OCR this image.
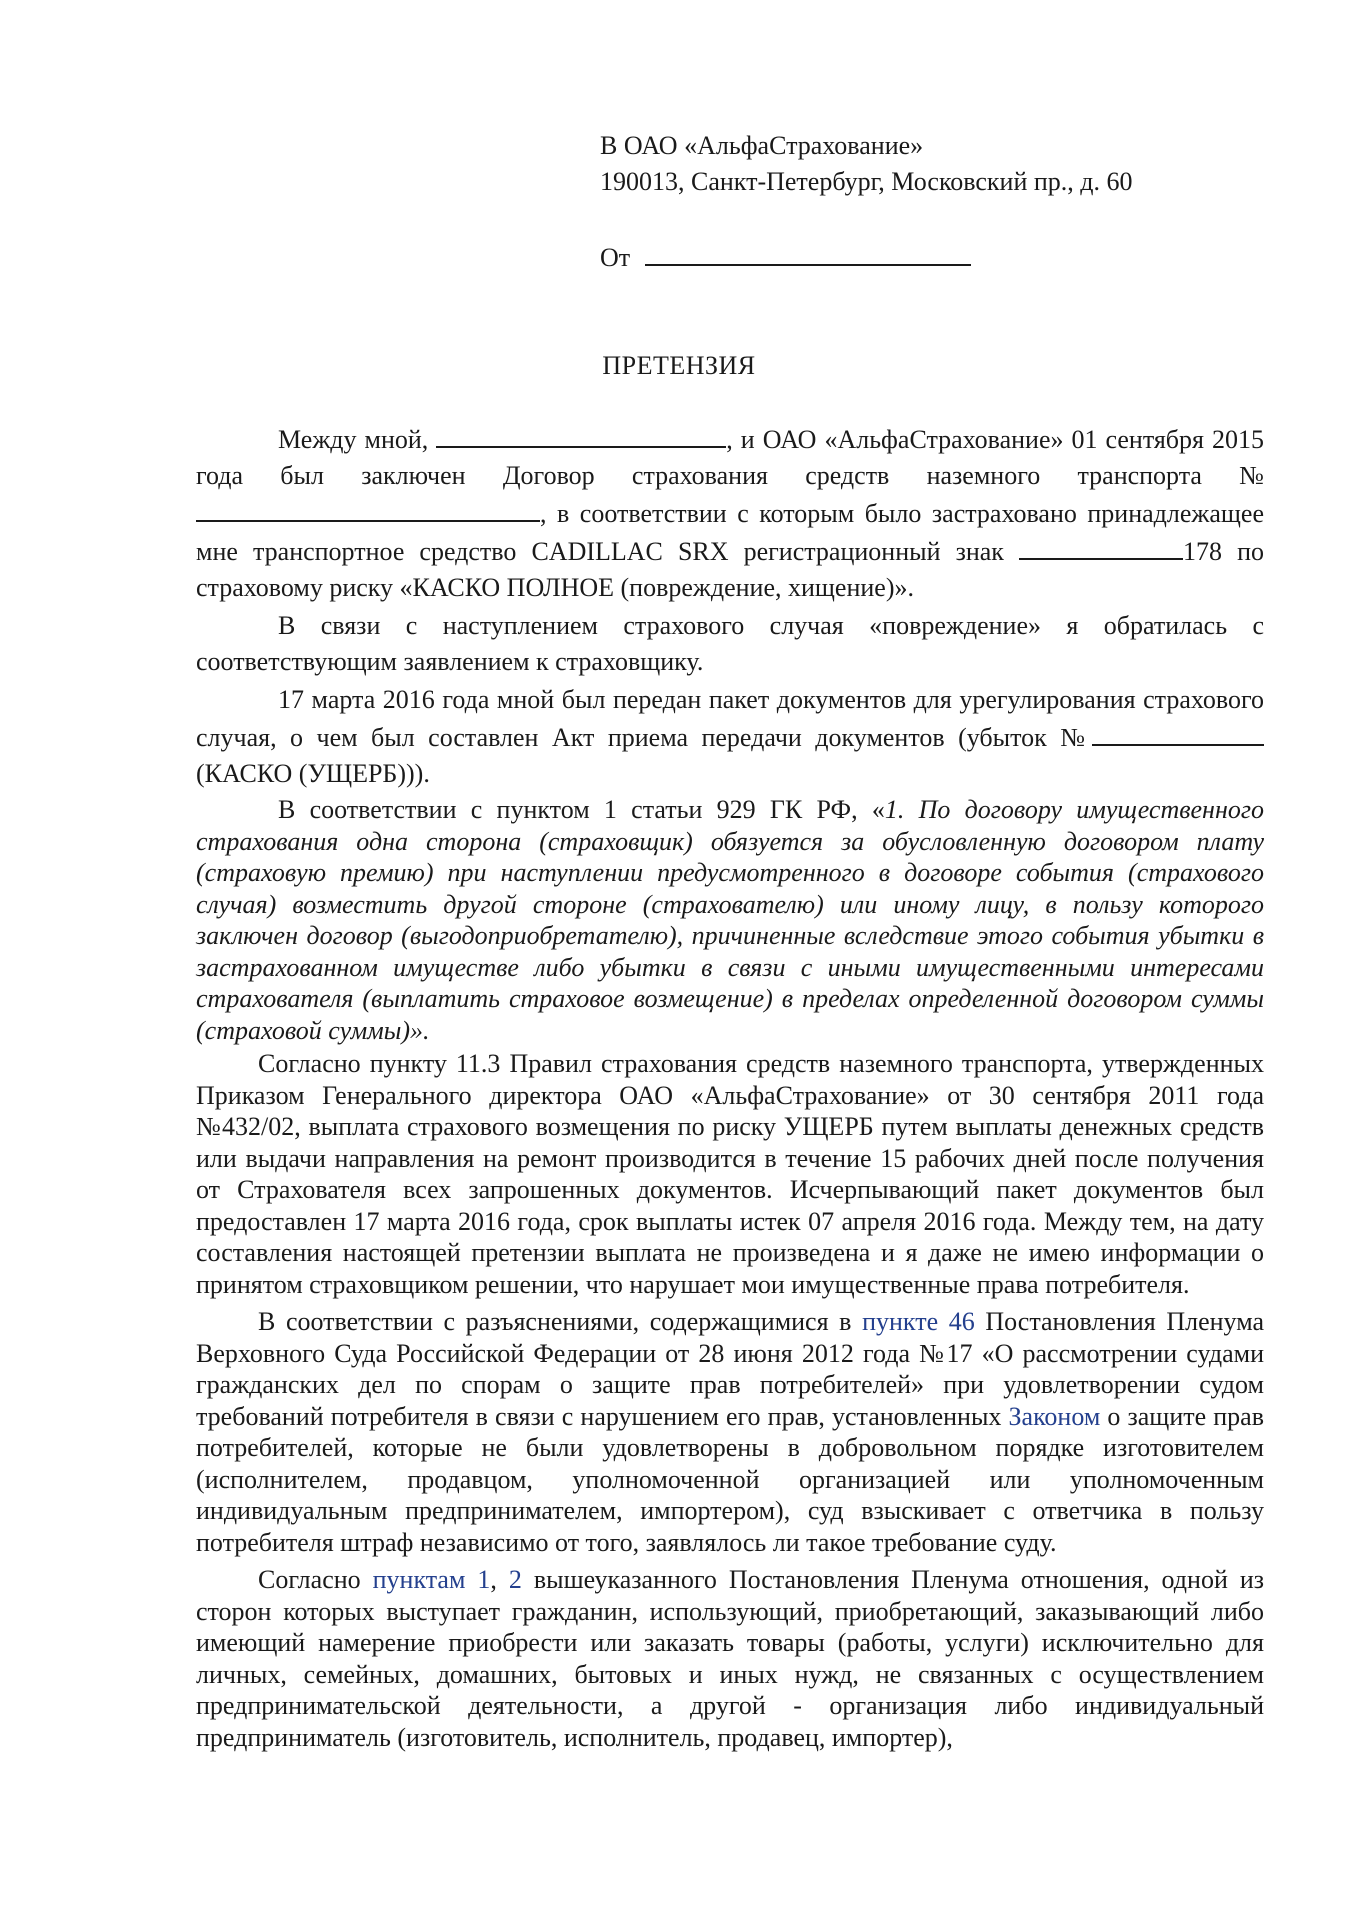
В ОАО «АльфаСтрахование»
190013, Санкт-Петербург, Московский пр., д. 60
От
ПРЕТЕНЗИЯ

Между мной,	, и ОАО «АльфаСтрахование» 01 сентября 2015 года был заключен Договор страхования средств наземного транспорта №, в соответствии с которым было застраховано принадлежащее мне транспортное средство CADILLAC SRX регистрационный знак	178 по страховому риску «КАСКО ПОЛНОЕ (повреждение, хищение)».

В связи с наступлением страхового случая «повреждение» я обратилась с соответствующим заявлением к страховщику.

17 марта 2016 года мной был передан пакет документов для урегулирования страхового случая, о чем был составлен Акт приема передачи документов (убыток № (КАСКО (УЩЕРБ))).

В соответствии с пунктом 1 статьи 929 ГК РФ, «1. По договору имущественного страхования одна сторона (страховщик) обязуется за обусловленную договором плату (страховую премию) при наступлении предусмотренного в договоре события (страхового случая) возместить другой стороне (страхователю) или иному лицу, в пользу которого заключен договор (выгодоприобретателю), причиненные вследствие этого события убытки в застрахованном имуществе либо убытки в связи с иными имущественными интересами страхователя (выплатить страховое возмещение) в пределах определенной договором суммы (страховой суммы)».

Согласно пункту 11.3 Правил страхования средств наземного транспорта, утвержденных Приказом Генерального директора ОАО «АльфаСтрахование» от 30 сентября 2011 года №432/02, выплата страхового возмещения по риску УЩЕРБ путем выплаты денежных средств или выдачи направления на ремонт производится в течение 15 рабочих дней после получения от Страхователя всех запрошенных документов. Исчерпывающий пакет документов был предоставлен 17 марта 2016 года, срок выплаты истек 07 апреля 2016 года. Между тем, на дату составления настоящей претензии выплата не произведена и я даже не имею информации о принятом страховщиком решении, что нарушает мои имущественные права потребителя.

В соответствии с разъяснениями, содержащимися в пункте 46 Постановления Пленума Верховного Суда Российской Федерации от 28 июня 2012 года №17 «О рассмотрении судами гражданских дел по спорам о защите прав потребителей» при удовлетворении судом требований потребителя в связи с нарушением его прав, установленных Законом о защите прав потребителей, которые не были удовлетворены в добровольном порядке изготовителем (исполнителем, продавцом, уполномоченной организацией или уполномоченным индивидуальным предпринимателем, импортером), суд взыскивает с ответчика в пользу потребителя штраф независимо от того, заявлялось ли такое требование суду.

Согласно пунктам 1, 2 вышеуказанного Постановления Пленума отношения, одной из сторон которых выступает гражданин, использующий, приобретающий, заказывающий либо имеющий намерение приобрести или заказать товары (работы, услуги) исключительно для личных, семейных, домашних, бытовых и иных нужд, не связанных с осуществлением предпринимательской деятельности, а другой - организация либо индивидуальный предприниматель (изготовитель, исполнитель, продавец, импортер),
